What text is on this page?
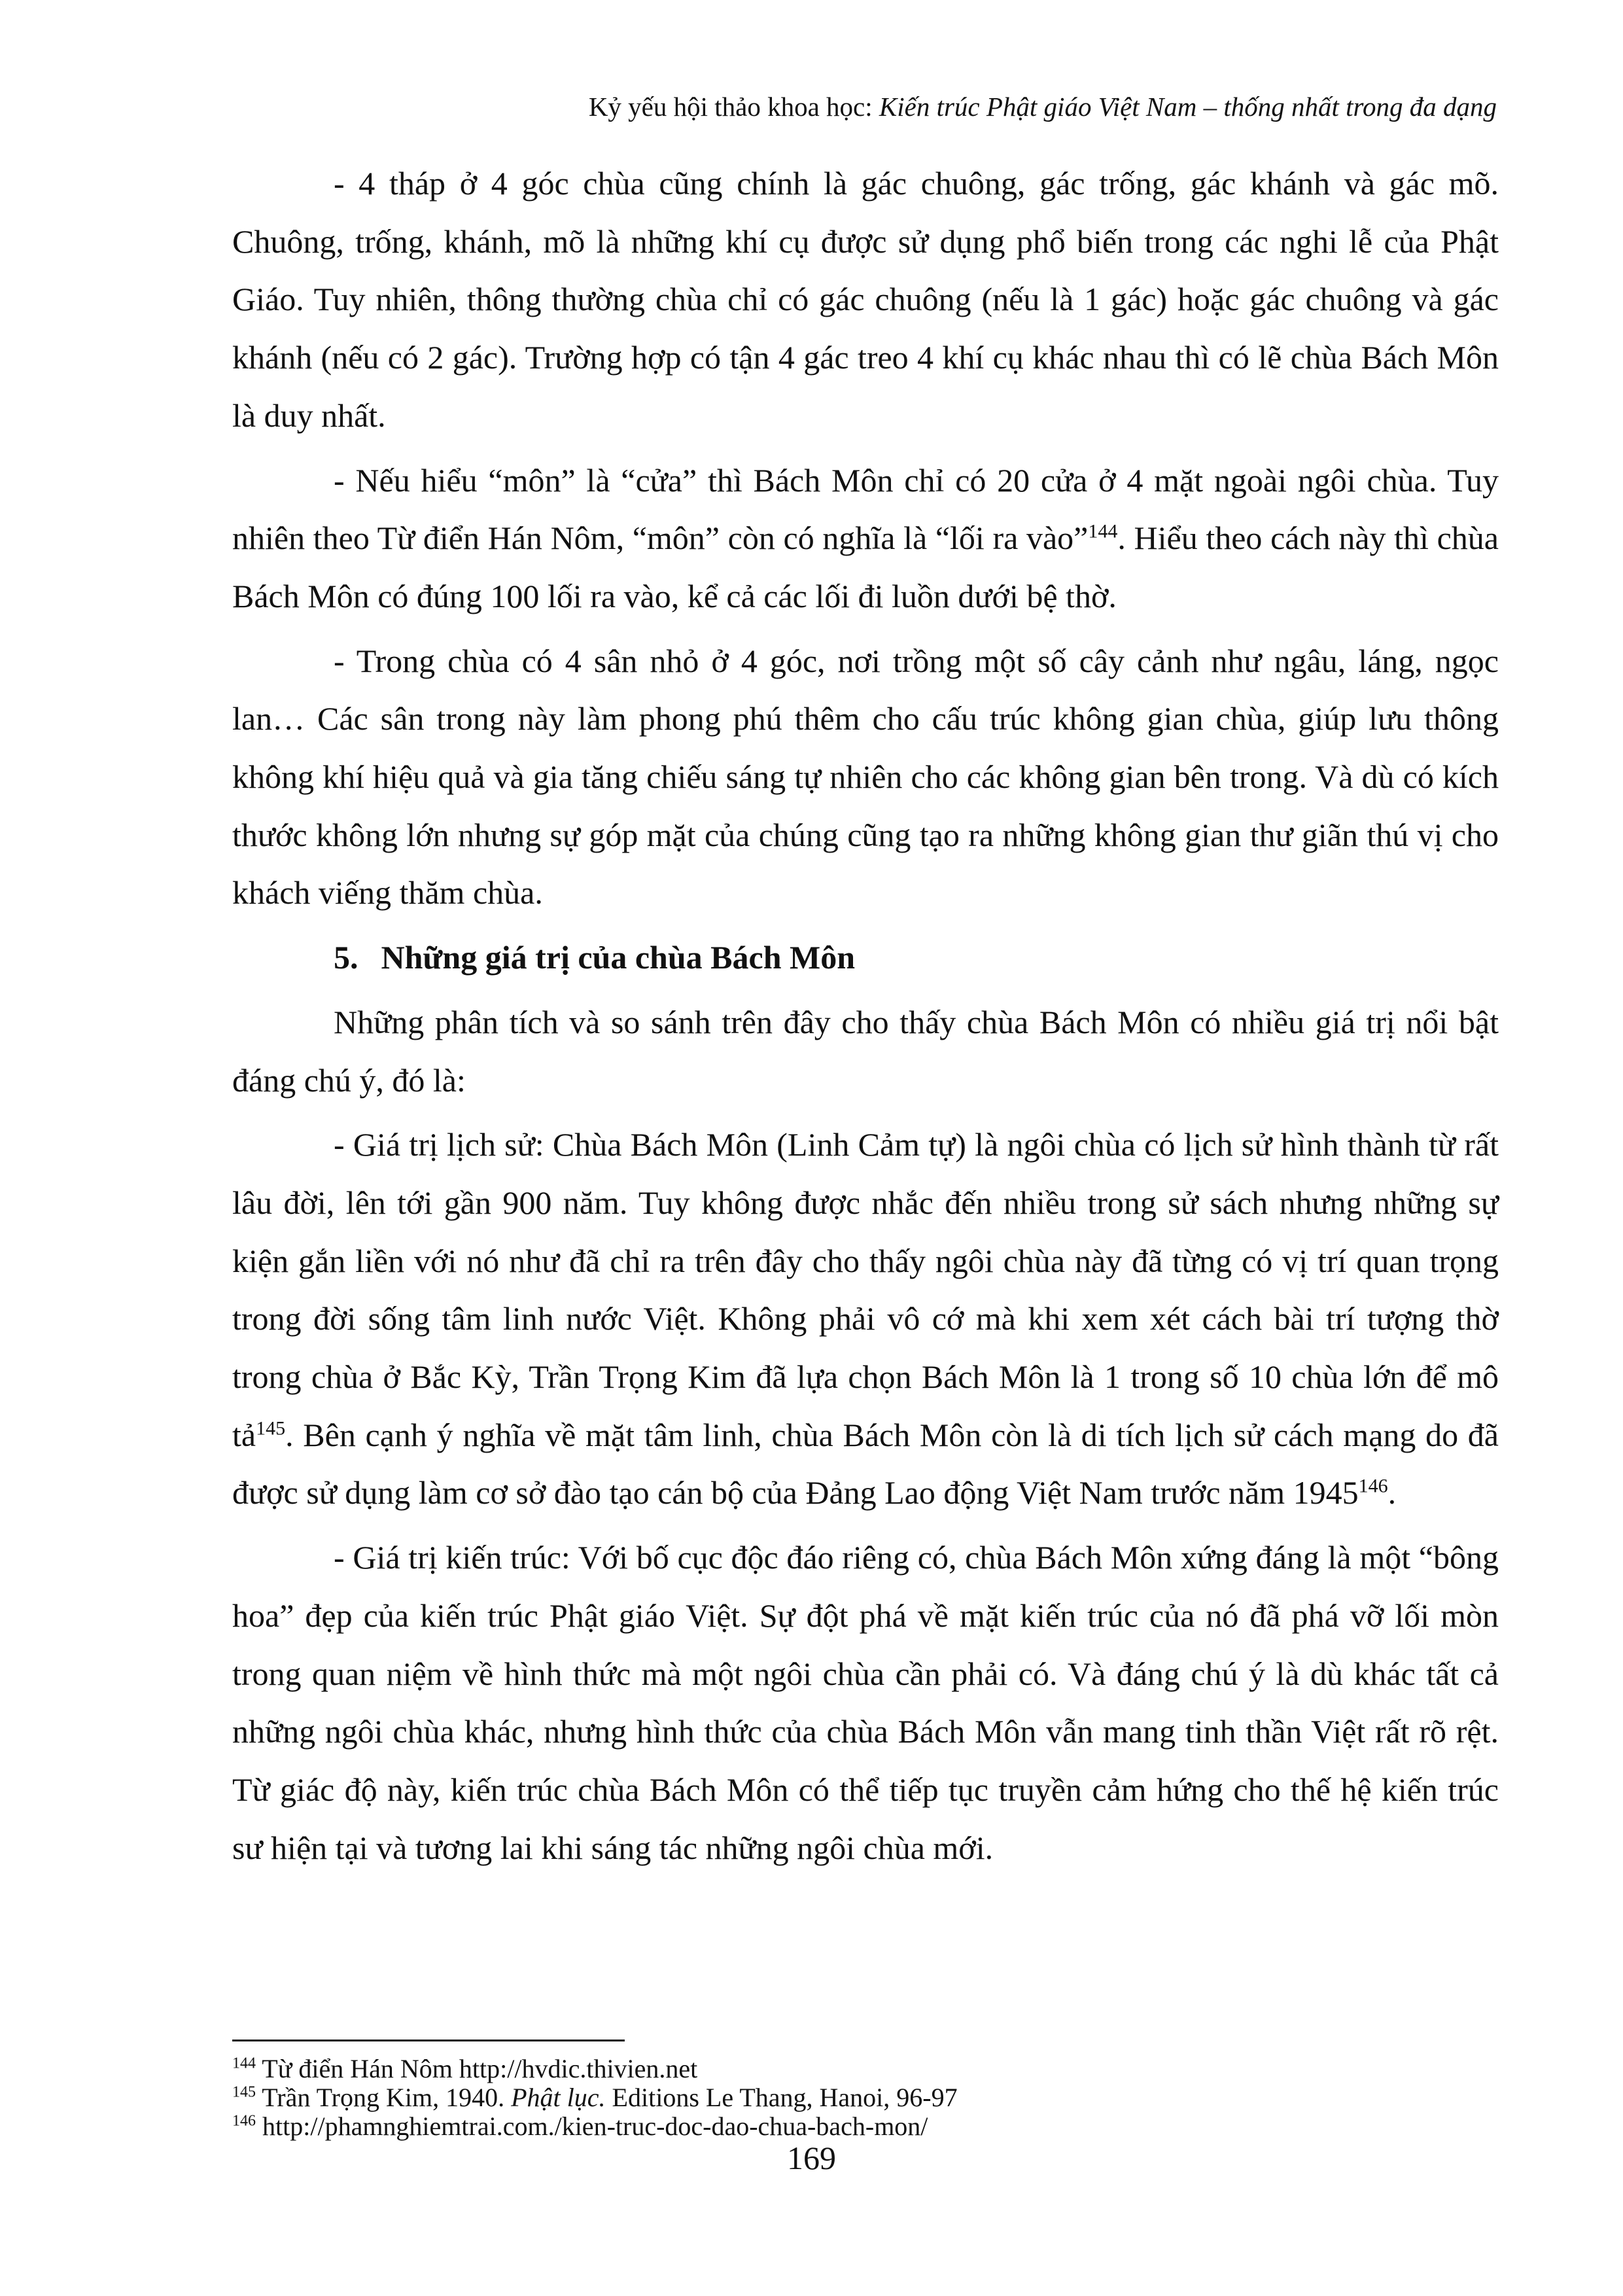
Kỷ yếu hội thảo khoa học: Kiến trúc Phật giáo Việt Nam – thống nhất trong đa dạng

- 4 tháp ở 4 góc chùa cũng chính là gác chuông, gác trống, gác khánh và gác mõ. Chuông, trống, khánh, mõ là những khí cụ được sử dụng phổ biến trong các nghi lễ của Phật Giáo. Tuy nhiên, thông thường chùa chỉ có gác chuông (nếu là 1 gác) hoặc gác chuông và gác khánh (nếu có 2 gác). Trường hợp có tận 4 gác treo 4 khí cụ khác nhau thì có lẽ chùa Bách Môn là duy nhất.

- Nếu hiểu “môn” là “cửa” thì Bách Môn chỉ có 20 cửa ở 4 mặt ngoài ngôi chùa. Tuy nhiên theo Từ điển Hán Nôm, “môn” còn có nghĩa là “lối ra vào”$^{144}$. Hiểu theo cách này thì chùa Bách Môn có đúng 100 lối ra vào, kể cả các lối đi luồn dưới bệ thờ.

- Trong chùa có 4 sân nhỏ ở 4 góc, nơi trồng một số cây cảnh như ngâu, láng, ngọc lan… Các sân trong này làm phong phú thêm cho cấu trúc không gian chùa, giúp lưu thông không khí hiệu quả và gia tăng chiếu sáng tự nhiên cho các không gian bên trong. Và dù có kích thước không lớn nhưng sự góp mặt của chúng cũng tạo ra những không gian thư giãn thú vị cho khách viếng thăm chùa.

5. Những giá trị của chùa Bách Môn

Những phân tích và so sánh trên đây cho thấy chùa Bách Môn có nhiều giá trị nổi bật đáng chú ý, đó là:

- Giá trị lịch sử: Chùa Bách Môn (Linh Cảm tự) là ngôi chùa có lịch sử hình thành từ rất lâu đời, lên tới gần 900 năm. Tuy không được nhắc đến nhiều trong sử sách nhưng những sự kiện gắn liền với nó như đã chỉ ra trên đây cho thấy ngôi chùa này đã từng có vị trí quan trọng trong đời sống tâm linh nước Việt. Không phải vô cớ mà khi xem xét cách bài trí tượng thờ trong chùa ở Bắc Kỳ, Trần Trọng Kim đã lựa chọn Bách Môn là 1 trong số 10 chùa lớn để mô tả$^{145}$. Bên cạnh ý nghĩa về mặt tâm linh, chùa Bách Môn còn là di tích lịch sử cách mạng do đã được sử dụng làm cơ sở đào tạo cán bộ của Đảng Lao động Việt Nam trước năm 1945$^{146}$.

- Giá trị kiến trúc: Với bố cục độc đáo riêng có, chùa Bách Môn xứng đáng là một “bông hoa” đẹp của kiến trúc Phật giáo Việt. Sự đột phá về mặt kiến trúc của nó đã phá vỡ lối mòn trong quan niệm về hình thức mà một ngôi chùa cần phải có. Và đáng chú ý là dù khác tất cả những ngôi chùa khác, nhưng hình thức của chùa Bách Môn vẫn mang tinh thần Việt rất rõ rệt. Từ giác độ này, kiến trúc chùa Bách Môn có thể tiếp tục truyền cảm hứng cho thế hệ kiến trúc sư hiện tại và tương lai khi sáng tác những ngôi chùa mới.

$^{144}$ Từ điển Hán Nôm http://hvdic.thivien.net

$^{145}$ Trần Trọng Kim, 1940. Phật lục. Editions Le Thang, Hanoi, 96-97

$^{146}$ http://phamnghiemtrai.com./kien-truc-doc-dao-chua-bach-mon/

169
